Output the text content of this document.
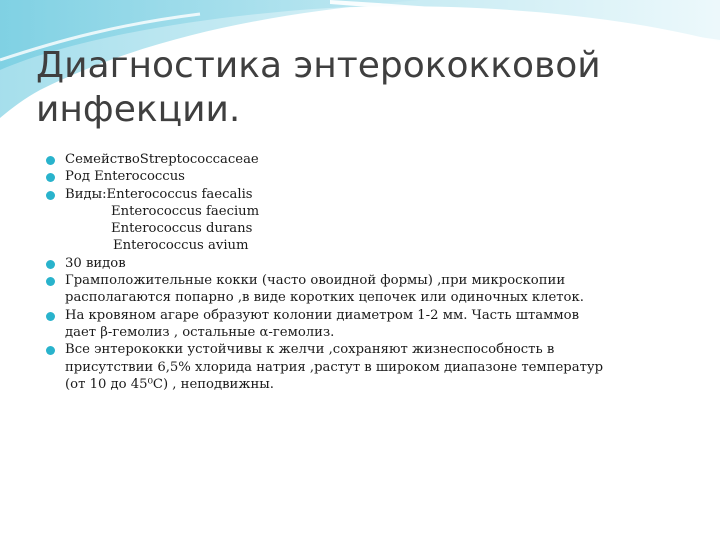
Диагностика энтерококковой
инфекции.
СемействоStreptococcaceae
Род Enterococcus
Виды:Enterococcus faecalis
Enterococcus faecium
Enterococcus durans
Enterococcus avium
30 видов
Грамположительные кокки (часто овоидной формы) ,при микроскопии
располагаются попарно ,в виде коротких цепочек или одиночных клеток.
На кровяном агаре образуют колонии диаметром 1-2 мм. Часть штаммов
дает β-гемолиз , остальные α-гемолиз.
Все энтерококки устойчивы к желчи ,сохраняют жизнеспособность в
присутствии 6,5% хлорида натрия ,растут в широком диапазоне температур
(от 10 до 45⁰С) , неподвижны.
